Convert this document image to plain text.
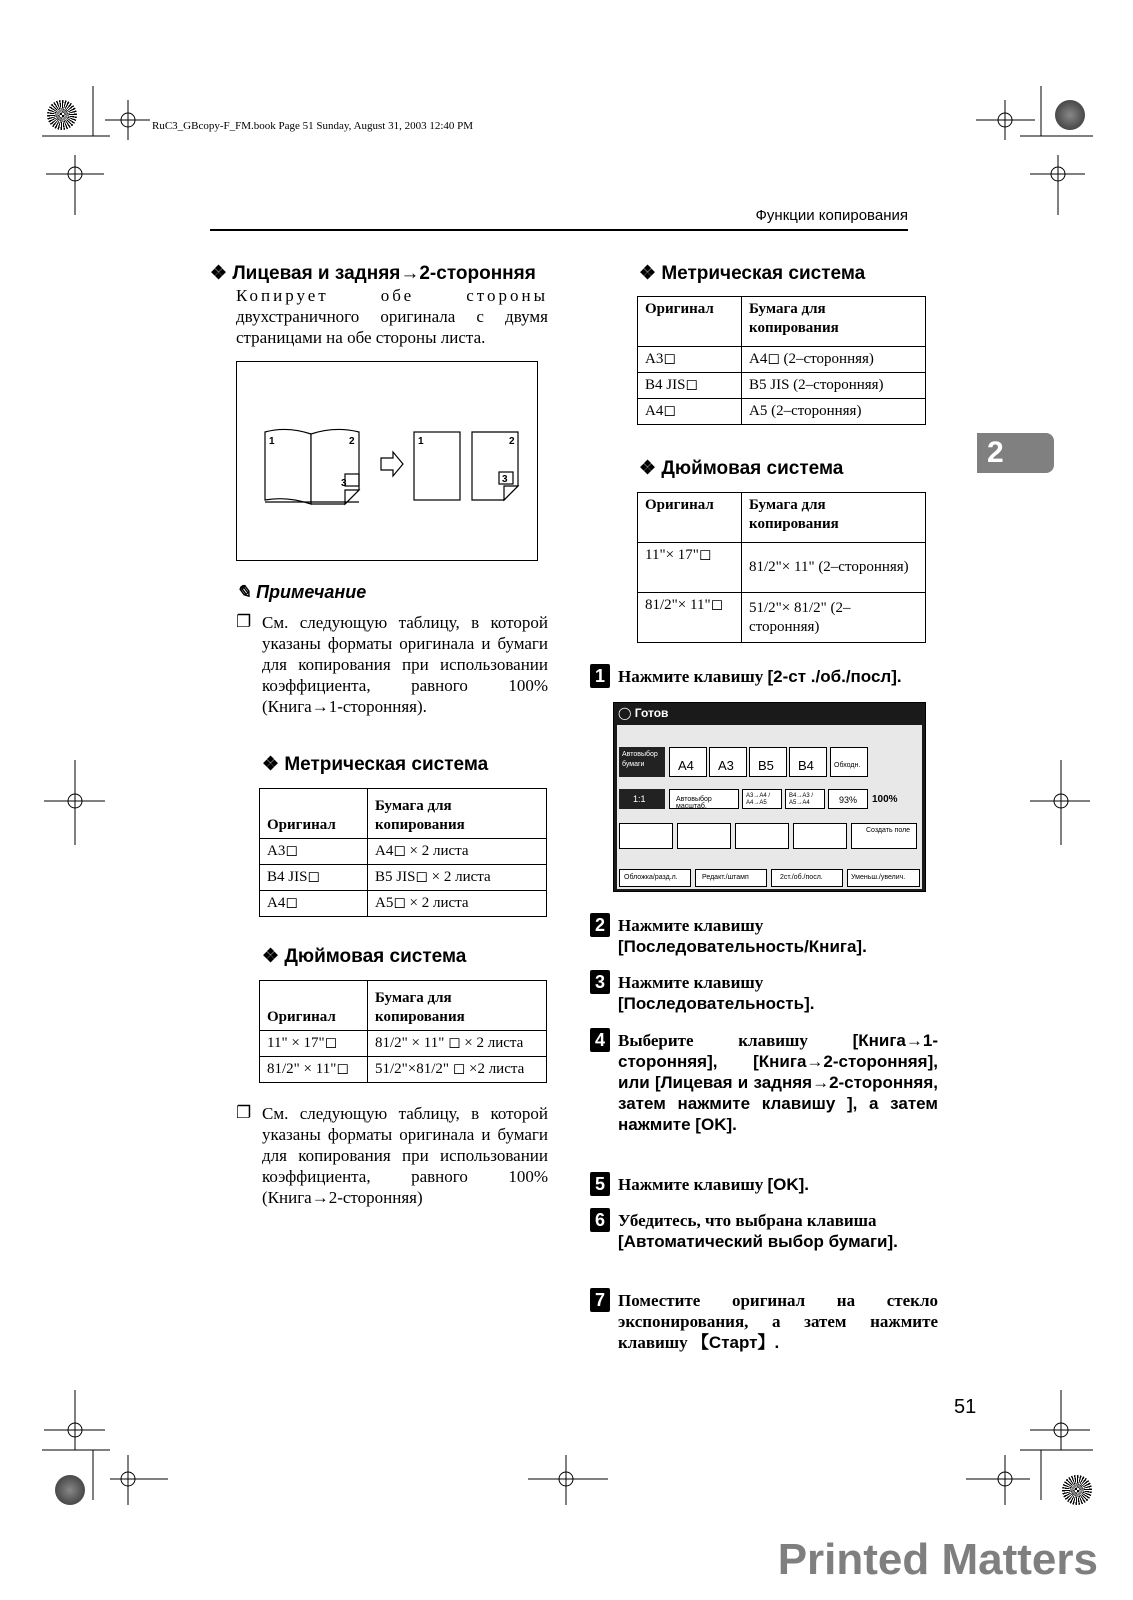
RuC3_GBcopy-F_FM.book Page 51 Sunday, August 31, 2003 12:40 PM
Функции копирования
2
❖ Лицевая и задняя→2-сторонняя
Копирует обе стороны
двухстраничного оригинала с двумя страницами на обе стороны листа.
1	2
3
1	2
3
✎ Примечание
❐ См. следующую таблицу, в которой указаны форматы оригинала и бумаги для копирования при использовании коэффициента, равного 100% (Книга→1-сторонняя).
❖ Метрическая система
Оригинал	Бумага для копирования
A3◻	A4◻ × 2 листа
B4 JIS◻	B5 JIS◻ × 2 листа
A4◻	A5◻ × 2 листа
❖ Дюймовая система
Оригинал	Бумага для копирования
11" × 17"◻	81/2" × 11" ◻ × 2 листа
81/2" × 11"◻	51/2"×81/2" ◻ ×2 листа
❐ См. следующую таблицу, в которой указаны форматы оригинала и бумаги для копирования при использовании коэффициента, равного 100% (Книга→2-сторонняя)
❖ Метрическая система
Оригинал	Бумага для копирования
A3◻	A4◻ (2–сторонняя)
B4 JIS◻	B5 JIS (2–сторонняя)
A4◻	A5 (2–сторонняя)
❖ Дюймовая система
Оригинал	Бумага для копирования
11"× 17"◻	81/2"× 11" (2–сторонняя)
81/2"× 11"◻	51/2"× 81/2" (2–сторонняя)
1 Нажмите клавишу [2-ст ./об./посл].
◯ Готов
Автовыбор бумаги	A4	A3	B5	B4	Обходн.
1:1	Автовыбор масштаб.
A3→A4 / A4→A5
B4→A3 / A5→A4	93%	100%
Создать поле
Обложка/разд.л.	Редакт./штамп	2ст./об./посл.	Уменьш./увелич.
2 Нажмите клавишу
[Последовательность/Книга].
3 Нажмите клавишу
[Последовательность].
4 Выберите клавишу [Книга→1-сторонняя], [Книга→2-сторонняя], или [Лицевая и задняя→2-сторонняя, затем нажмите клавишу ], а затем нажмите [OK].
5 Нажмите клавишу [OK].
6 Убедитесь, что выбрана клавиша [Автоматический выбор бумаги].
7 Поместите оригинал на стекло экспонирования, а затем нажмите клавишу 【Старт】.
51
Printed Matters
